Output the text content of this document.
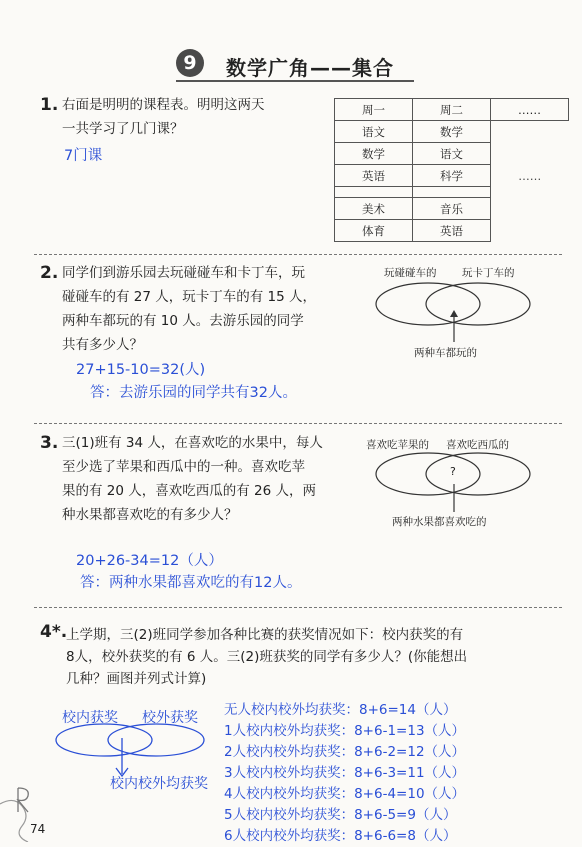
9	数学广角——集合
1. 右面是明明的课程表。明明这两天
一共学习了几门课？
7门课
周一	周二	……
语文	数学	
数学	语文	
英语	科学	……

美术	音乐	
体育	英语	
2. 同学们到游乐园去玩碰碰车和卡丁车，玩
碰碰车的有 27 人，玩卡丁车的有 15 人，
两种车都玩的有 10 人。去游乐园的同学
共有多少人？
27+15-10=32(人)
答：去游乐园的同学共有32人。
玩碰碰车的 玩卡丁车的
两种车都玩的
3. 三(1)班有 34 人，在喜欢吃的水果中，每人
至少选了苹果和西瓜中的一种。喜欢吃苹
果的有 20 人，喜欢吃西瓜的有 26 人，两
种水果都喜欢吃的有多少人？
20+26-34=12（人）
答：两种水果都喜欢吃的有12人。
喜欢吃苹果的 喜欢吃西瓜的
?
两种水果都喜欢吃的
4*.
上学期，三(2)班同学参加各种比赛的获奖情况如下：校内获奖的有
8人，校外获奖的有 6 人。三(2)班获奖的同学有多少人？(你能想出
几种？画图并列式计算)
校内获奖 校外获奖
校内校外均获奖
无人校内校外均获奖：8+6=14（人）
1人校内校外均获奖：8+6-1=13（人）
2人校内校外均获奖：8+6-2=12（人）
3人校内校外均获奖：8+6-3=11（人）
4人校内校外均获奖：8+6-4=10（人）
5人校内校外均获奖：8+6-5=9（人）
6人校内校外均获奖：8+6-6=8（人）
74
